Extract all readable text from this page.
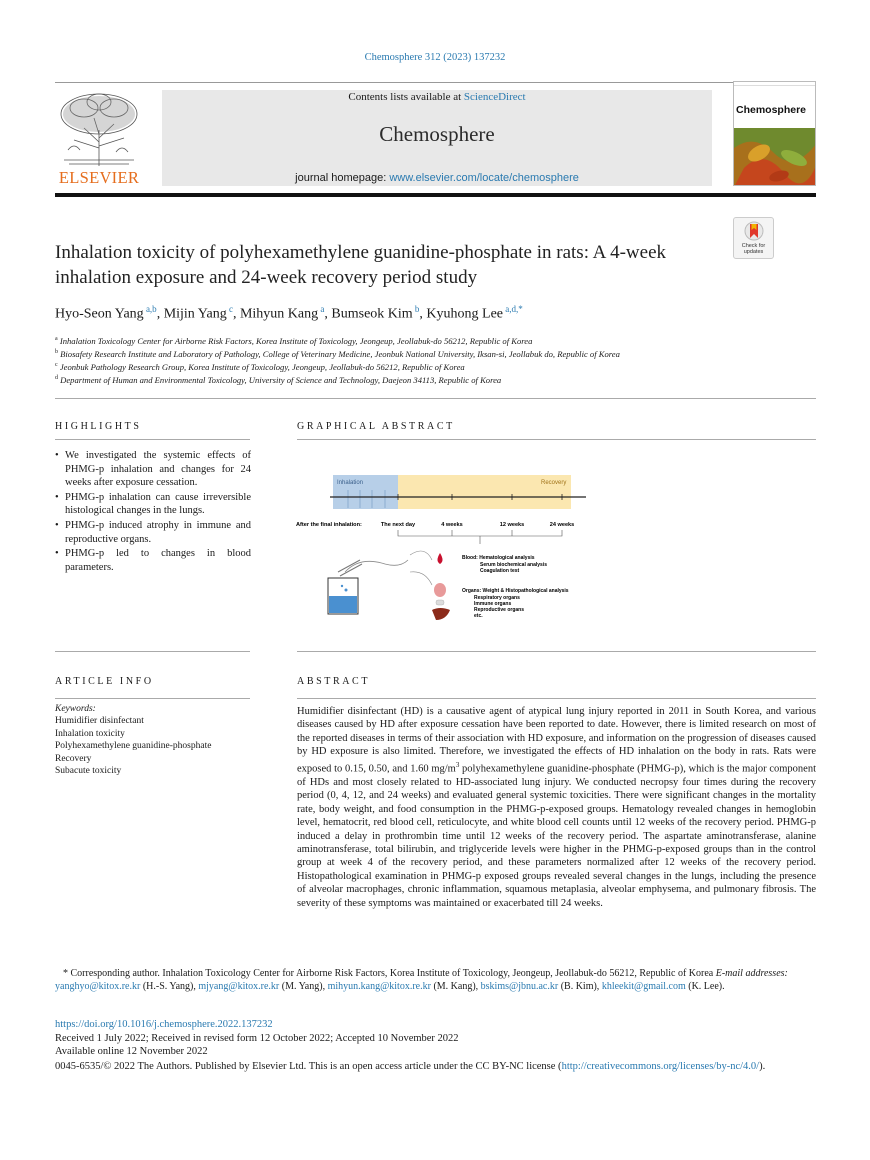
Chemosphere 312 (2023) 137232
ELSEVIER
Contents lists available at ScienceDirect
Chemosphere
journal homepage: www.elsevier.com/locate/chemosphere
Chemosphere
Check for
updates
Inhalation toxicity of polyhexamethylene guanidine-phosphate in rats: A 4-week inhalation exposure and 24-week recovery period study
Hyo-Seon Yang $^{a,b}$, Mijin Yang $^c$, Mihyun Kang $^a$, Bumseok Kim $^b$, Kyuhong Lee $^{a,d,*}$
$^a$ Inhalation Toxicology Center for Airborne Risk Factors, Korea Institute of Toxicology, Jeongeup, Jeollabuk-do 56212, Republic of Korea
$^b$ Biosafety Research Institute and Laboratory of Pathology, College of Veterinary Medicine, Jeonbuk National University, Iksan-si, Jeollabuk do, Republic of Korea
$^c$ Jeonbuk Pathology Research Group, Korea Institute of Toxicology, Jeongeup, Jeollabuk-do 56212, Republic of Korea
$^d$ Department of Human and Environmental Toxicology, University of Science and Technology, Daejeon 34113, Republic of Korea
HIGHLIGHTS
• We investigated the systemic effects of PHMG-p inhalation and changes for 24 weeks after exposure cessation.
• PHMG-p inhalation can cause irreversible histological changes in the lungs.
• PHMG-p induced atrophy in immune and reproductive organs.
• PHMG-p led to changes in blood parameters.
GRAPHICAL ABSTRACT
Inhalation	Recovery
After the final inhalation:	The next day	4 weeks	12 weeks	24 weeks
Blood: Hematological analysis
Serum biochemical analysis
Coagulation test
Organs: Weight & Histopathological analysis
Respiratory organs
Immune organs
Reproductive organs
etc.
ARTICLE INFO
Keywords:
Humidifier disinfectant
Inhalation toxicity
Polyhexamethylene guanidine-phosphate
Recovery
Subacute toxicity
ABSTRACT
Humidifier disinfectant (HD) is a causative agent of atypical lung injury reported in 2011 in South Korea, and various diseases caused by HD after exposure cessation have been reported to date. However, there is limited research on most of the reported diseases in terms of their association with HD exposure, and information on the progression of diseases caused by HD exposure is also limited. Therefore, we investigated the effects of HD inhalation on the body in rats. Rats were exposed to 0.15, 0.50, and 1.60 $mg/m^3$ polyhexamethylene guanidine-phosphate (PHMG-p), which is the major component of HDs and most closely related to HD-associated lung injury. We conducted necropsy four times during the recovery period (0, 4, 12, and 24 weeks) and evaluated general systemic toxicities. There were significant changes in the mortality rate, body weight, and food consumption in the PHMG-p-exposed groups. Hematology revealed changes in hemoglobin level, hematocrit, red blood cell, reticulocyte, and white blood cell counts until 12 weeks of the recovery period. PHMG-p induced a delay in prothrombin time until 12 weeks of the recovery period. The aspartate aminotransferase, alanine aminotransferase, total bilirubin, and triglyceride levels were higher in the PHMG-p-exposed groups than in the control group at week 4 of the recovery period, and these parameters normalized after 12 weeks of the recovery period. Histopathological examination in PHMG-p exposed groups revealed several changes in the lungs, including the presence of alveolar macrophages, chronic inflammation, squamous metaplasia, alveolar emphysema, and pulmonary fibrosis. The severity of these symptoms was maintained or exacerbated till 24 weeks.
* Corresponding author. Inhalation Toxicology Center for Airborne Risk Factors, Korea Institute of Toxicology, Jeongeup, Jeollabuk-do 56212, Republic of Korea E-mail addresses: yanghyo@kitox.re.kr (H.-S. Yang), mjyang@kitox.re.kr (M. Yang), mihyun.kang@kitox.re.kr (M. Kang), bskims@jbnu.ac.kr (B. Kim), khleekit@gmail.com (K. Lee).
https://doi.org/10.1016/j.chemosphere.2022.137232
Received 1 July 2022; Received in revised form 12 October 2022; Accepted 10 November 2022
Available online 12 November 2022
0045-6535/© 2022 The Authors. Published by Elsevier Ltd. This is an open access article under the CC BY-NC license (http://creativecommons.org/licenses/by-nc/4.0/).
